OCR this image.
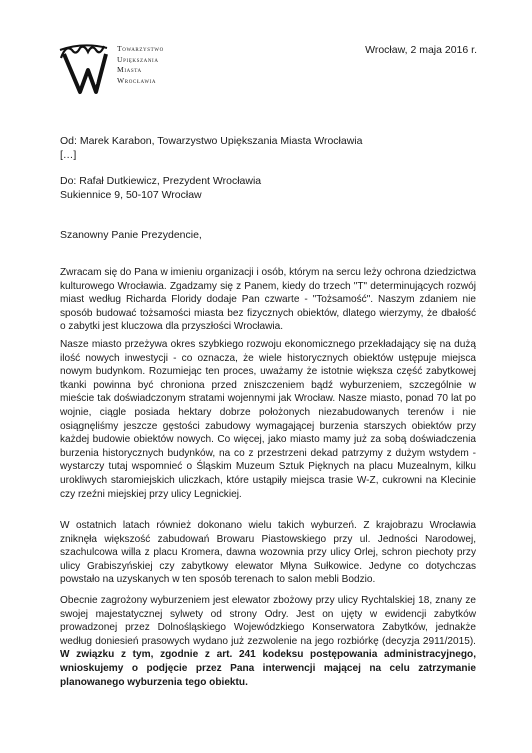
Towarzystwo
Upiększania
Miasta
Wrocławia
Wrocław, 2 maja 2016 r.
Od: Marek Karabon, Towarzystwo Upiększania Miasta Wrocławia
[…]
Do: Rafał Dutkiewicz, Prezydent Wrocławia
Sukiennice 9, 50-107 Wrocław
Szanowny Panie Prezydencie,
Zwracam się do Pana w imieniu organizacji i osób, którym na sercu leży ochrona dziedzictwa kulturowego Wrocławia. Zgadzamy się z Panem, kiedy do trzech "T" determinujących rozwój miast według Richarda Floridy dodaje Pan czwarte - "Tożsamość". Naszym zdaniem nie sposób budować tożsamości miasta bez fizycznych obiektów, dlatego wierzymy, że dbałość o zabytki jest kluczowa dla przyszłości Wrocławia.
Nasze miasto przeżywa okres szybkiego rozwoju ekonomicznego przekładający się na dużą ilość nowych inwestycji - co oznacza, że wiele historycznych obiektów ustępuje miejsca nowym budynkom. Rozumiejąc ten proces, uważamy że istotnie większa część zabytkowej tkanki powinna być chroniona przed zniszczeniem bądź wyburzeniem, szczególnie w mieście tak doświadczonym stratami wojennymi jak Wrocław. Nasze miasto, ponad 70 lat po wojnie, ciągle posiada hektary dobrze położonych niezabudowanych terenów i nie osiągnęliśmy jeszcze gęstości zabudowy wymagającej burzenia starszych obiektów przy każdej budowie obiektów nowych. Co więcej, jako miasto mamy już za sobą doświadczenia burzenia historycznych budynków, na co z przestrzeni dekad patrzymy z dużym wstydem - wystarczy tutaj wspomnieć o Śląskim Muzeum Sztuk Pięknych na placu Muzealnym, kilku urokliwych staromiejskich uliczkach, które ustąpiły miejsca trasie W-Z, cukrowni na Klecinie czy rzeźni miejskiej przy ulicy Legnickiej.
W ostatnich latach również dokonano wielu takich wyburzeń. Z krajobrazu Wrocławia zniknęła większość zabudowań Browaru Piastowskiego przy ul. Jedności Narodowej, szachulcowa willa z placu Kromera, dawna wozownia przy ulicy Orlej, schron piechoty przy ulicy Grabiszyńskiej czy zabytkowy elewator Młyna Sułkowice. Jedyne co dotychczas powstało na uzyskanych w ten sposób terenach to salon mebli Bodzio.
Obecnie zagrożony wyburzeniem jest elewator zbożowy przy ulicy Rychtalskiej 18, znany ze swojej majestatycznej sylwety od strony Odry. Jest on ujęty w ewidencji zabytków prowadzonej przez Dolnośląskiego Wojewódzkiego Konserwatora Zabytków, jednakże według doniesień prasowych wydano już zezwolenie na jego rozbiórkę (decyzja 2911/2015). W związku z tym, zgodnie z art. 241 kodeksu postępowania administracyjnego, wnioskujemy o podjęcie przez Pana interwencji mającej na celu zatrzymanie planowanego wyburzenia tego obiektu.
